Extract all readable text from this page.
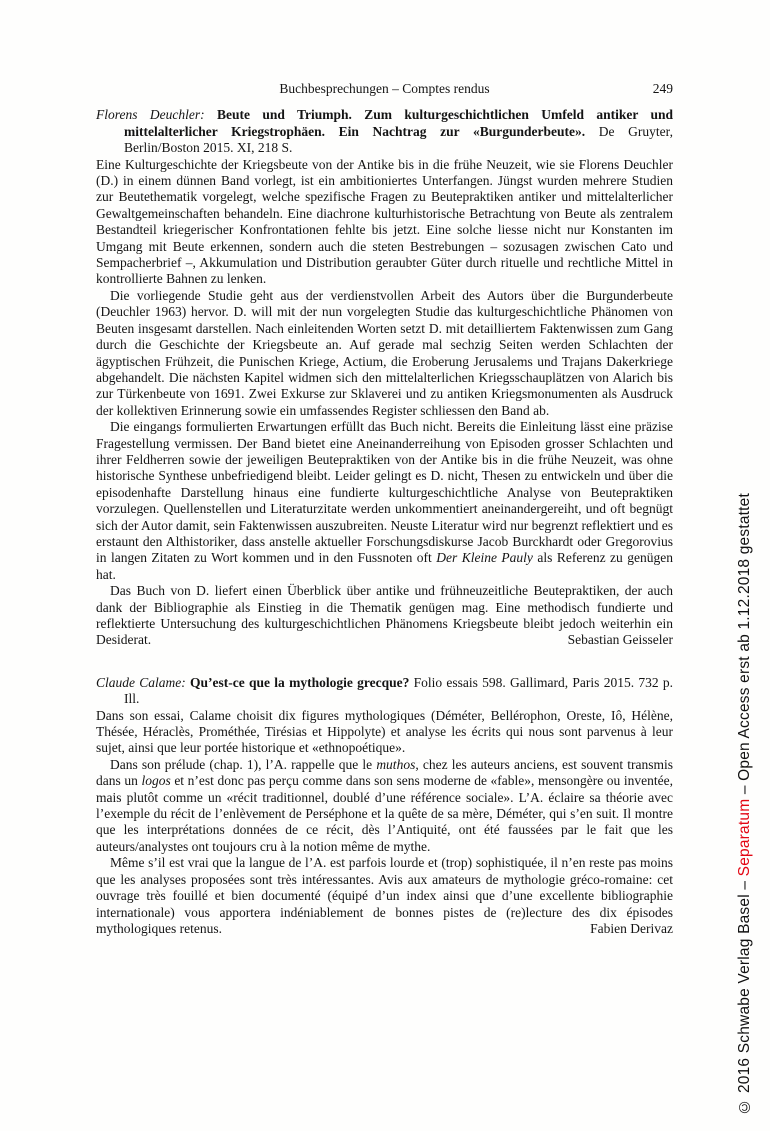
Buchbesprechungen – Comptes rendus	249

Florens Deuchler: Beute und Triumph. Zum kulturgeschichtlichen Umfeld antiker und mittelalterlicher Kriegstrophäen. Ein Nachtrag zur «Burgunderbeute». De Gruyter, Berlin/Boston 2015. XI, 218 S.

Eine Kulturgeschichte der Kriegsbeute von der Antike bis in die frühe Neuzeit, wie sie Florens Deuchler (D.) in einem dünnen Band vorlegt, ist ein ambitioniertes Unterfangen. Jüngst wurden mehrere Studien zur Beutethematik vorgelegt, welche spezifische Fragen zu Beutepraktiken antiker und mittelalterlicher Gewaltgemeinschaften behandeln. Eine diachrone kulturhistorische Betrachtung von Beute als zentralem Bestandteil kriegerischer Konfrontationen fehlte bis jetzt. Eine solche liesse nicht nur Konstanten im Umgang mit Beute erkennen, sondern auch die steten Bestrebungen – sozusagen zwischen Cato und Sempacherbrief –, Akkumulation und Distribution geraubter Güter durch rituelle und rechtliche Mittel in kontrollierte Bahnen zu lenken.

Die vorliegende Studie geht aus der verdienstvollen Arbeit des Autors über die Burgunderbeute (Deuchler 1963) hervor. D. will mit der nun vorgelegten Studie das kulturgeschichtliche Phänomen von Beuten insgesamt darstellen. Nach einleitenden Worten setzt D. mit detailliertem Faktenwissen zum Gang durch die Geschichte der Kriegsbeute an. Auf gerade mal sechzig Seiten werden Schlachten der ägyptischen Frühzeit, die Punischen Kriege, Actium, die Eroberung Jerusalems und Trajans Dakerkriege abgehandelt. Die nächsten Kapitel widmen sich den mittelalterlichen Kriegsschauplätzen von Alarich bis zur Türkenbeute von 1691. Zwei Exkurse zur Sklaverei und zu antiken Kriegsmonumenten als Ausdruck der kollektiven Erinnerung sowie ein umfassendes Register schliessen den Band ab.

Die eingangs formulierten Erwartungen erfüllt das Buch nicht. Bereits die Einleitung lässt eine präzise Fragestellung vermissen. Der Band bietet eine Aneinanderreihung von Episoden grosser Schlachten und ihrer Feldherren sowie der jeweiligen Beutepraktiken von der Antike bis in die frühe Neuzeit, was ohne historische Synthese unbefriedigend bleibt. Leider gelingt es D. nicht, Thesen zu entwickeln und über die episodenhafte Darstellung hinaus eine fundierte kulturgeschichtliche Analyse von Beutepraktiken vorzulegen. Quellenstellen und Literaturzitate werden unkommentiert aneinandergereiht, und oft begnügt sich der Autor damit, sein Faktenwissen auszubreiten. Neuste Literatur wird nur begrenzt reflektiert und es erstaunt den Althistoriker, dass anstelle aktueller Forschungsdiskurse Jacob Burckhardt oder Gregorovius in langen Zitaten zu Wort kommen und in den Fussnoten oft Der Kleine Pauly als Referenz zu genügen hat.

Das Buch von D. liefert einen Überblick über antike und frühneuzeitliche Beutepraktiken, der auch dank der Bibliographie als Einstieg in die Thematik genügen mag. Eine methodisch fundierte und reflektierte Untersuchung des kulturgeschichtlichen Phänomens Kriegsbeute bleibt jedoch weiterhin ein Desiderat.	Sebastian Geisseler

Claude Calame: Qu’est-ce que la mythologie grecque? Folio essais 598. Gallimard, Paris 2015. 732 p. Ill.

Dans son essai, Calame choisit dix figures mythologiques (Déméter, Bellérophon, Oreste, Iô, Hélène, Thésée, Héraclès, Prométhée, Tirésias et Hippolyte) et analyse les écrits qui nous sont parvenus à leur sujet, ainsi que leur portée historique et «ethnopoétique».

Dans son prélude (chap. 1), l’A. rappelle que le muthos, chez les auteurs anciens, est souvent transmis dans un logos et n’est donc pas perçu comme dans son sens moderne de «fable», mensongère ou inventée, mais plutôt comme un «récit traditionnel, doublé d’une référence sociale». L’A. éclaire sa théorie avec l’exemple du récit de l’enlèvement de Perséphone et la quête de sa mère, Déméter, qui s’en suit. Il montre que les interprétations données de ce récit, dès l’Antiquité, ont été faussées par le fait que les auteurs/analystes ont toujours cru à la notion même de mythe.

Même s’il est vrai que la langue de l’A. est parfois lourde et (trop) sophistiquée, il n’en reste pas moins que les analyses proposées sont très intéressantes. Avis aux amateurs de mythologie gréco-romaine: cet ouvrage très fouillé et bien documenté (équipé d’un index ainsi que d’une excellente bibliographie internationale) vous apportera indéniablement de bonnes pistes de (re)lecture des dix épisodes mythologiques retenus.	Fabien Derivaz	© 2016 Schwabe Verlag Basel – Separatum – Open Access erst ab 1.12.2018 gestattet
